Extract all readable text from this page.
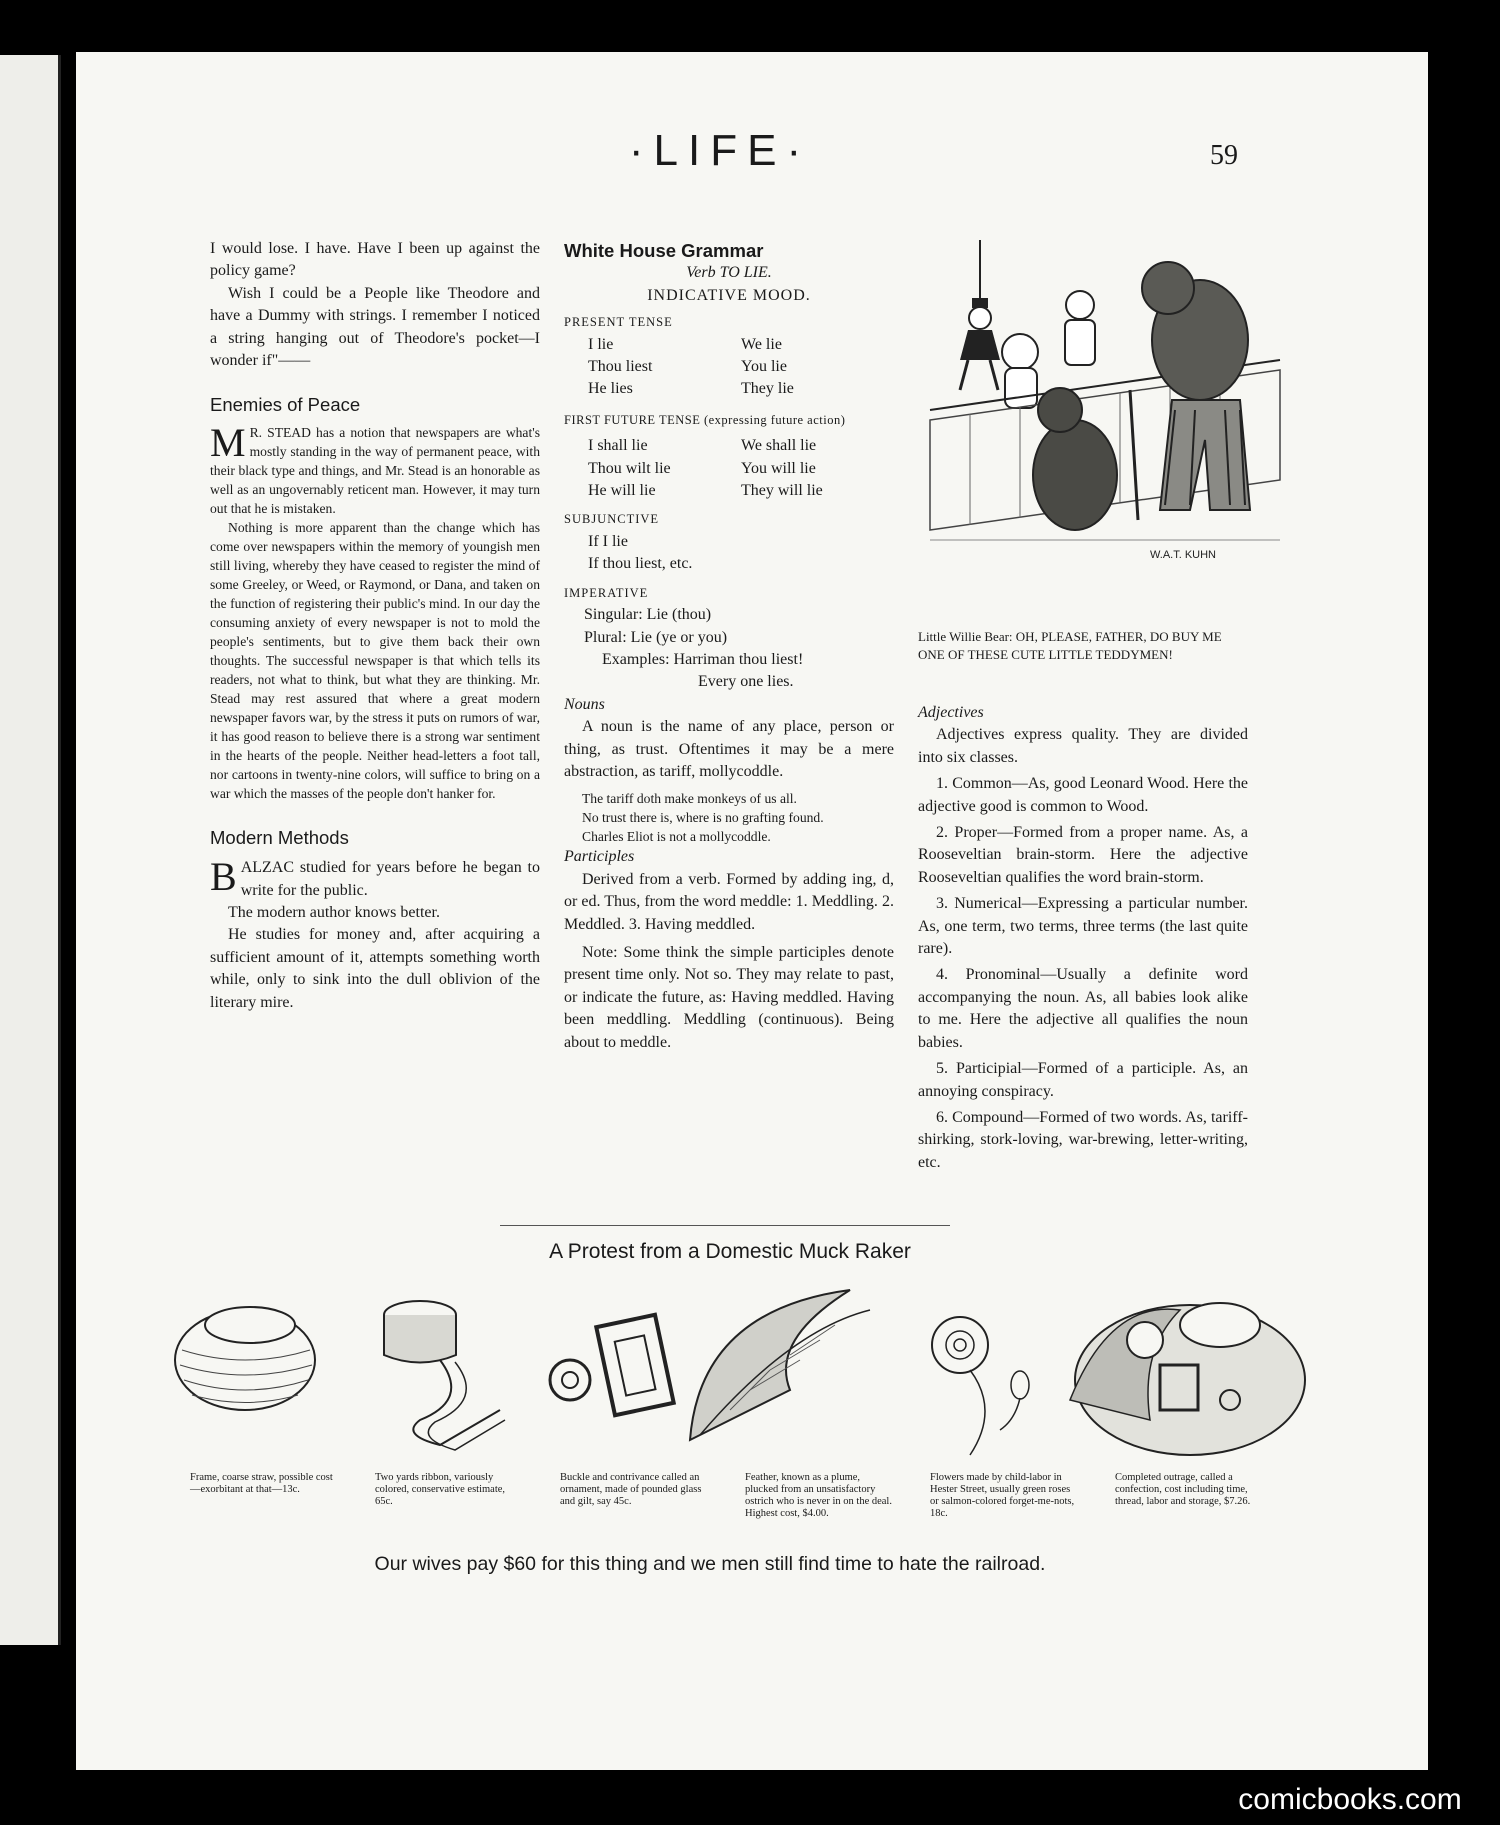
·LIFE·	59

I would lose. I have. Have I been up against the policy game?

Wish I could be a People like Theodore and have a Dummy with strings. I remember I noticed a string hanging out of Theodore's pocket—I wonder if"——

Enemies of Peace

M R. STEAD has a notion that newspapers are what's mostly standing in the way of permanent peace, with their black type and things, and Mr. Stead is an honorable as well as an ungovernably reticent man. However, it may turn out that he is mistaken.

Nothing is more apparent than the change which has come over newspapers within the memory of youngish men still living, whereby they have ceased to register the mind of some Greeley, or Weed, or Raymond, or Dana, and taken on the function of registering their public's mind. In our day the consuming anxiety of every newspaper is not to mold the people's sentiments, but to give them back their own thoughts. The successful newspaper is that which tells its readers, not what to think, but what they are thinking. Mr. Stead may rest assured that where a great modern newspaper favors war, by the stress it puts on rumors of war, it has good reason to believe there is a strong war sentiment in the hearts of the people. Neither head-letters a foot tall, nor cartoons in twenty-nine colors, will suffice to bring on a war which the masses of the people don't hanker for.

Modern Methods

BALZAC studied for years before he began to write for the public.

The modern author knows better.

He studies for money and, after acquiring a sufficient amount of it, attempts something worth while, only to sink into the dull oblivion of the literary mire.

White House Grammar

Verb TO LIE.

INDICATIVE MOOD.

PRESENT TENSE

I lie	We lie
Thou liest	You lie
He lies	They lie

FIRST FUTURE TENSE (expressing future action)

I shall lie	We shall lie
Thou wilt lie	You will lie
He will lie	They will lie

SUBJUNCTIVE

If I lie
If thou liest, etc.

IMPERATIVE

Singular: Lie (thou)
Plural: Lie (ye or you)
Examples: Harriman thou liest!
Every one lies.

Nouns

A noun is the name of any place, person or thing, as trust. Oftentimes it may be a mere abstraction, as tariff, mollycoddle.

The tariff doth make monkeys of us all.

No trust there is, where is no grafting found.

Charles Eliot is not a mollycoddle.

Participles

Derived from a verb. Formed by adding ing, d, or ed. Thus, from the word meddle: 1. Meddling. 2. Meddled. 3. Having meddled.

Note: Some think the simple participles denote present time only. Not so. They may relate to past, or indicate the future, as: Having meddled. Having been meddling. Meddling (continuous). Being about to meddle.

W.A.T. KUHN
Little Willie Bear: OH, PLEASE, FATHER, DO BUY ME ONE OF THESE CUTE LITTLE TEDDYMEN!

Adjectives

Adjectives express quality. They are divided into six classes.

1. Common—As, good Leonard Wood. Here the adjective good is common to Wood.

2. Proper—Formed from a proper name. As, a Rooseveltian brain-storm. Here the adjective Rooseveltian qualifies the word brain-storm.

3. Numerical—Expressing a particular number. As, one term, two terms, three terms (the last quite rare).

4. Pronominal—Usually a definite word accompanying the noun. As, all babies look alike to me. Here the adjective all qualifies the noun babies.

5. Participial—Formed of a participle. As, an annoying conspiracy.

6. Compound—Formed of two words. As, tariff-shirking, stork-loving, war-brewing, letter-writing, etc.

A Protest from a Domestic Muck Raker
Frame, coarse straw, possible cost—exorbitant at that—13c.
Two yards ribbon, variously colored, conservative estimate, 65c.
Buckle and contrivance called an ornament, made of pounded glass and gilt, say 45c.
Feather, known as a plume, plucked from an unsatisfactory ostrich who is never in on the deal. Highest cost, $4.00.
Flowers made by child-labor in Hester Street, usually green roses or salmon-colored forget-me-nots, 18c.
Completed outrage, called a confection, cost including time, thread, labor and storage, $7.26.
Our wives pay $60 for this thing and we men still find time to hate the railroad.
comicbooks.com
